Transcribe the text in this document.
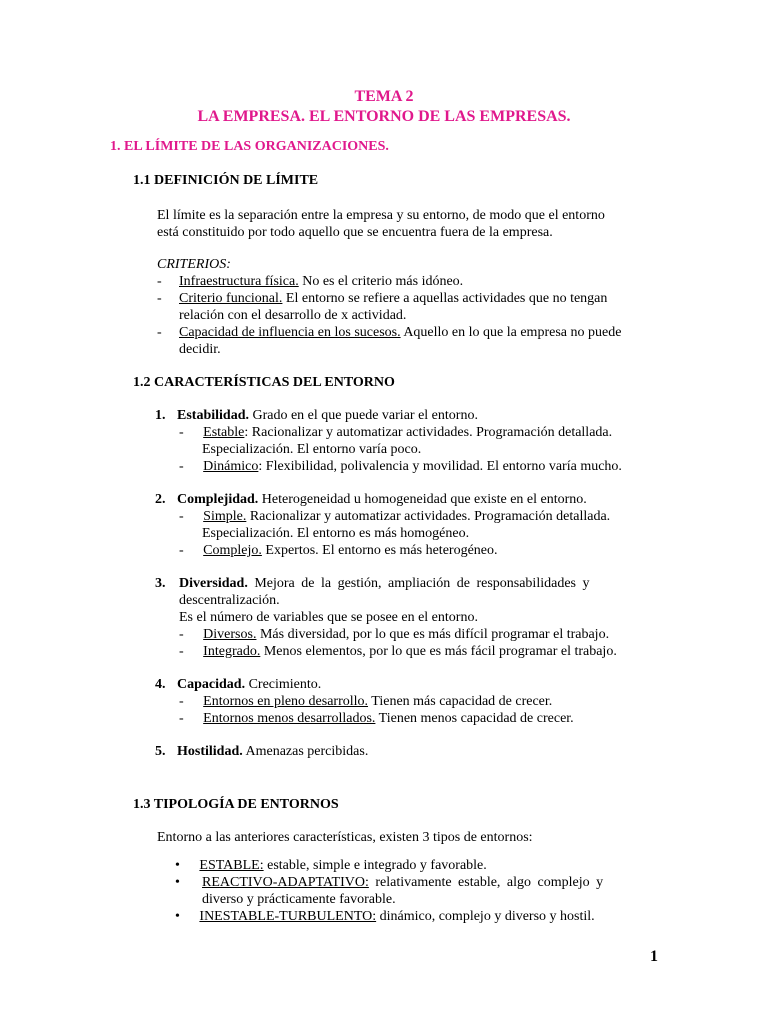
TEMA 2
LA EMPRESA. EL ENTORNO DE LAS EMPRESAS.
1. EL LÍMITE DE LAS ORGANIZACIONES.
1.1 DEFINICIÓN DE LÍMITE
El límite es la separación entre la empresa y su entorno, de modo que el entorno
está constituido por todo aquello que se encuentra fuera de la empresa.
CRITERIOS:
- Infraestructura física. No es el criterio más idóneo.
- Criterio funcional. El entorno se refiere a aquellas actividades que no tengan
relación con el desarrollo de x actividad.
- Capacidad de influencia en los sucesos. Aquello en lo que la empresa no puede
decidir.
1.2 CARACTERÍSTICAS DEL ENTORNO
1. Estabilidad. Grado en el que puede variar el entorno.
- Estable: Racionalizar y automatizar actividades. Programación detallada.
Especialización. El entorno varía poco.
- Dinámico: Flexibilidad, polivalencia y movilidad. El entorno varía mucho.
2. Complejidad. Heterogeneidad u homogeneidad que existe en el entorno.
- Simple. Racionalizar y automatizar actividades. Programación detallada.
Especialización. El entorno es más homogéneo.
- Complejo. Expertos. El entorno es más heterogéneo.
3. Diversidad. Mejora de la gestión, ampliación de responsabilidades y
descentralización.
Es el número de variables que se posee en el entorno.
- Diversos. Más diversidad, por lo que es más difícil programar el trabajo.
- Integrado. Menos elementos, por lo que es más fácil programar el trabajo.
4. Capacidad. Crecimiento.
- Entornos en pleno desarrollo. Tienen más capacidad de crecer.
- Entornos menos desarrollados. Tienen menos capacidad de crecer.
5. Hostilidad. Amenazas percibidas.
1.3 TIPOLOGÍA DE ENTORNOS
Entorno a las anteriores características, existen 3 tipos de entornos:
• ESTABLE: estable, simple e integrado y favorable.
• REACTIVO-ADAPTATIVO: relativamente estable, algo complejo y
diverso y prácticamente favorable.
• INESTABLE-TURBULENTO: dinámico, complejo y diverso y hostil.
1
